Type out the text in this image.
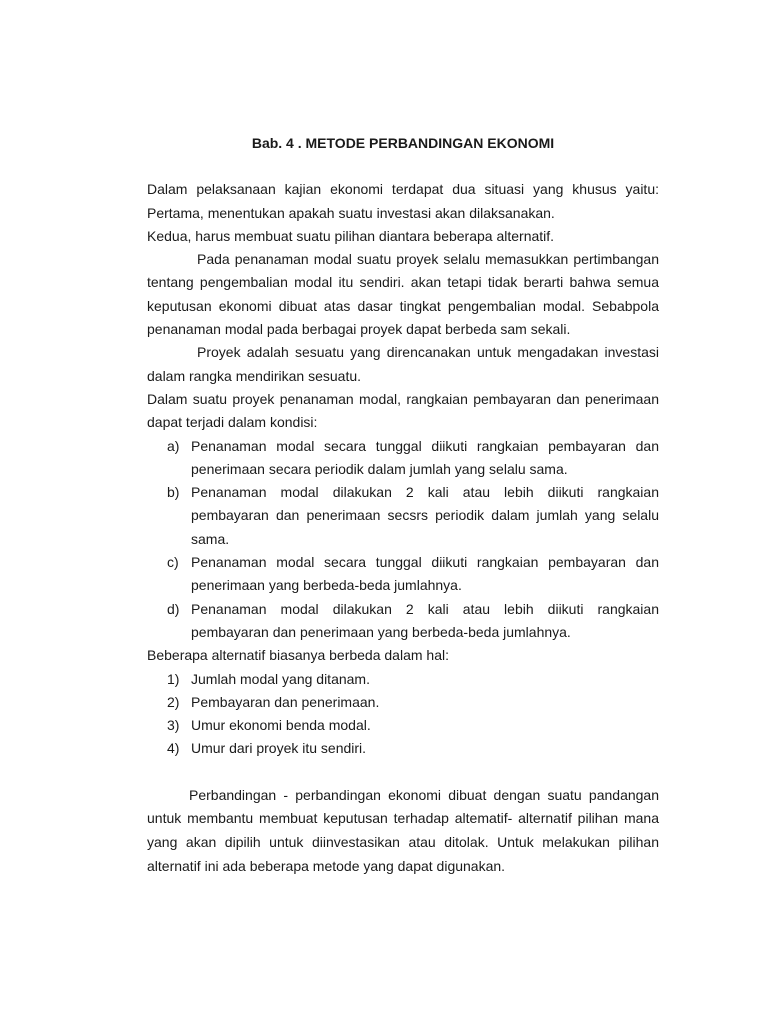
Bab. 4 . METODE PERBANDINGAN EKONOMI

Dalam pelaksanaan kajian ekonomi terdapat dua situasi yang khusus yaitu: Pertama, menentukan apakah suatu investasi akan dilaksanakan.

Kedua, harus membuat suatu pilihan diantara beberapa alternatif.

Pada penanaman modal suatu proyek selalu memasukkan pertimbangan tentang pengembalian modal itu sendiri. akan tetapi tidak berarti bahwa semua keputusan ekonomi dibuat atas dasar tingkat pengembalian modal. Sebabpola penanaman modal pada berbagai proyek dapat berbeda sam sekali.

Proyek adalah sesuatu yang direncanakan untuk mengadakan investasi dalam rangka mendirikan sesuatu.

Dalam suatu proyek penanaman modal, rangkaian pembayaran dan penerimaan dapat terjadi dalam kondisi:

a) Penanaman modal secara tunggal diikuti rangkaian pembayaran dan penerimaan secara periodik dalam jumlah yang selalu sama.
b) Penanaman modal dilakukan 2 kali atau lebih diikuti rangkaian pembayaran dan penerimaan secsrs periodik dalam jumlah yang selalu sama.
c) Penanaman modal secara tunggal diikuti rangkaian pembayaran dan penerimaan yang berbeda-beda jumlahnya.
d) Penanaman modal dilakukan 2 kali atau lebih diikuti rangkaian pembayaran dan penerimaan yang berbeda-beda jumlahnya.

Beberapa alternatif biasanya berbeda dalam hal:

1) Jumlah modal yang ditanam.
2) Pembayaran dan penerimaan.
3) Umur ekonomi benda modal.
4) Umur dari proyek itu sendiri.

Perbandingan - perbandingan ekonomi dibuat dengan suatu pandangan untuk membantu membuat keputusan terhadap altematif- alternatif pilihan mana yang akan dipilih untuk diinvestasikan atau ditolak. Untuk melakukan pilihan alternatif ini ada beberapa metode yang dapat digunakan.
